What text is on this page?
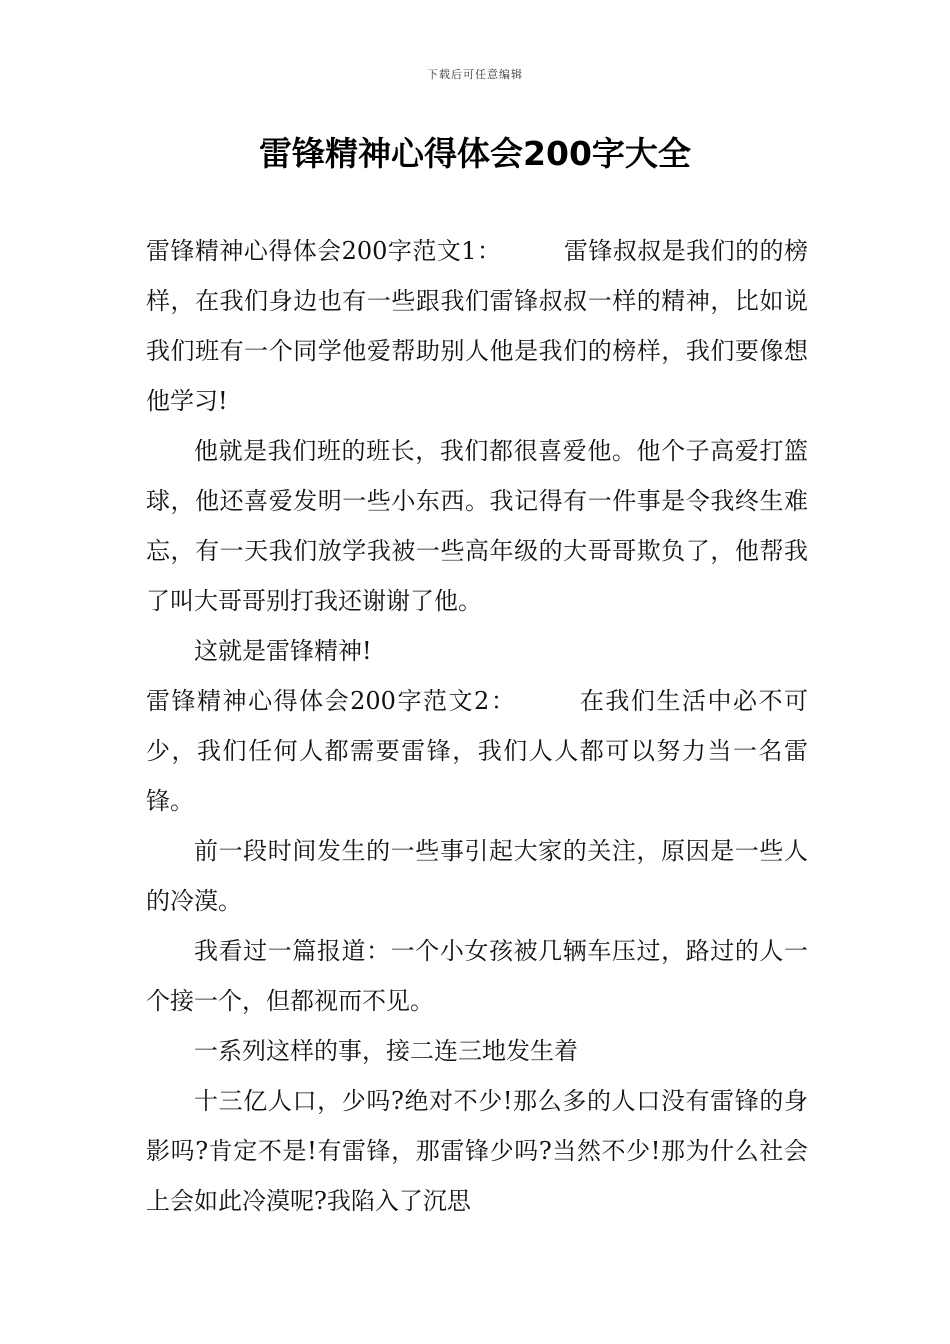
下载后可任意编辑
雷锋精神心得体会200字大全

雷锋精神心得体会200字范文1：	雷锋叔叔是我们的的榜样，在我们身边也有一些跟我们雷锋叔叔一样的精神，比如说我们班有一个同学他爱帮助别人他是我们的榜样，我们要像想他学习!

他就是我们班的班长，我们都很喜爱他。他个子高爱打篮球，他还喜爱发明一些小东西。我记得有一件事是令我终生难忘，有一天我们放学我被一些高年级的大哥哥欺负了，他帮我了叫大哥哥别打我还谢谢了他。

这就是雷锋精神!

雷锋精神心得体会200字范文2：	在我们生活中必不可少，我们任何人都需要雷锋，我们人人都可以努力当一名雷锋。

前一段时间发生的一些事引起大家的关注，原因是一些人的冷漠。

我看过一篇报道：一个小女孩被几辆车压过，路过的人一个接一个，但都视而不见。

一系列这样的事，接二连三地发生着

十三亿人口，少吗?绝对不少!那么多的人口没有雷锋的身影吗?肯定不是!有雷锋，那雷锋少吗?当然不少!那为什么社会上会如此冷漠呢?我陷入了沉思
